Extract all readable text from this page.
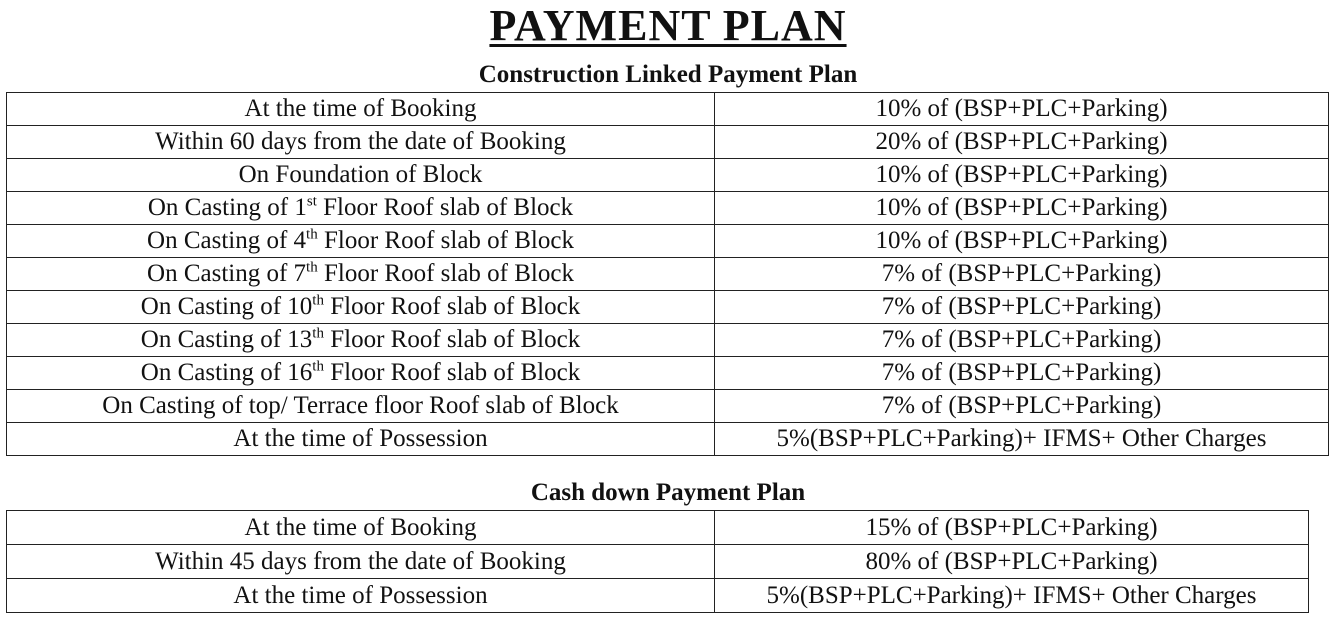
PAYMENT PLAN
Construction Linked Payment Plan
At the time of Booking	10% of (BSP+PLC+Parking)
Within 60 days from the date of Booking	20% of (BSP+PLC+Parking)
On Foundation of Block	10% of (BSP+PLC+Parking)
On Casting of 1st Floor Roof slab of Block	10% of (BSP+PLC+Parking)
On Casting of 4th Floor Roof slab of Block	10% of (BSP+PLC+Parking)
On Casting of 7th Floor Roof slab of Block	7% of (BSP+PLC+Parking)
On Casting of 10th Floor Roof slab of Block	7% of (BSP+PLC+Parking)
On Casting of 13th Floor Roof slab of Block	7% of (BSP+PLC+Parking)
On Casting of 16th Floor Roof slab of Block	7% of (BSP+PLC+Parking)
On Casting of top/ Terrace floor Roof slab of Block	7% of (BSP+PLC+Parking)
At the time of Possession	5%(BSP+PLC+Parking)+ IFMS+ Other Charges
Cash down Payment Plan
At the time of Booking	15% of (BSP+PLC+Parking)
Within 45 days from the date of Booking	80% of (BSP+PLC+Parking)
At the time of Possession	5%(BSP+PLC+Parking)+ IFMS+ Other Charges
